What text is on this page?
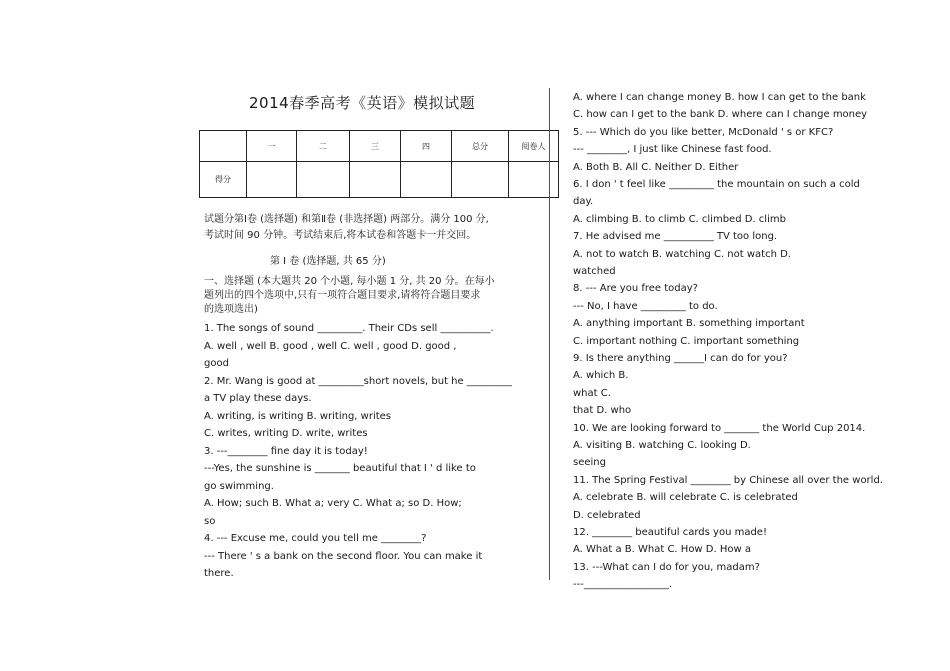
2014春季高考《英语》模拟试题
	一	二	三	四	总分	阅卷人
得分						
试题分第Ⅰ卷 (选择题) 和第Ⅱ卷 (非选择题) 两部分。满分 100 分,
考试时间 90 分钟。考试结束后,将本试卷和答题卡一并交回。
第 Ⅰ 卷 (选择题, 共 65 分)
一、选择题 (本大题共 20 个小题, 每小题 1 分, 共 20 分。在每小
题列出的四个选项中,只有一项符合题目要求,请将符合题目要求
的选项选出)
1. The songs of sound _________. Their CDs sell __________.
A. well , well B. good , well C. well , good D. good ,
good
2. Mr. Wang is good at _________short novels, but he _________
a TV play these days.
A. writing, is writing B. writing, writes
C. writes, writing D. write, writes
3. ---________ fine day it is today!
---Yes, the sunshine is _______ beautiful that I ' d like to
go swimming.
A. How; such B. What a; very C. What a; so D. How;
so
4. --- Excuse me, could you tell me ________?
--- There ' s a bank on the second floor. You can make it
there.
A. where I can change money B. how I can get to the bank
C. how can I get to the bank D. where can I change money
5. --- Which do you like better, McDonald ' s or KFC?
--- ________, I just like Chinese fast food.
A. Both B. All C. Neither D. Either
6. I don ' t feel like _________ the mountain on such a cold
day.
A. climbing B. to climb C. climbed D. climb
7. He advised me __________ TV too long.
A. not to watch B. watching C. not watch D.
watched
8. --- Are you free today?
--- No, I have _________ to do.
A. anything important B. something important
C. important nothing C. important something
9. Is there anything ______I can do for you?
A. which B.
what C.
that D. who
10. We are looking forward to _______ the World Cup 2014.
A. visiting B. watching C. looking D.
seeing
11. The Spring Festival ________ by Chinese all over the world.
A. celebrate B. will celebrate C. is celebrated
D. celebrated
12. ________ beautiful cards you made!
A. What a B. What C. How D. How a
13. ---What can I do for you, madam?
---_________________.
